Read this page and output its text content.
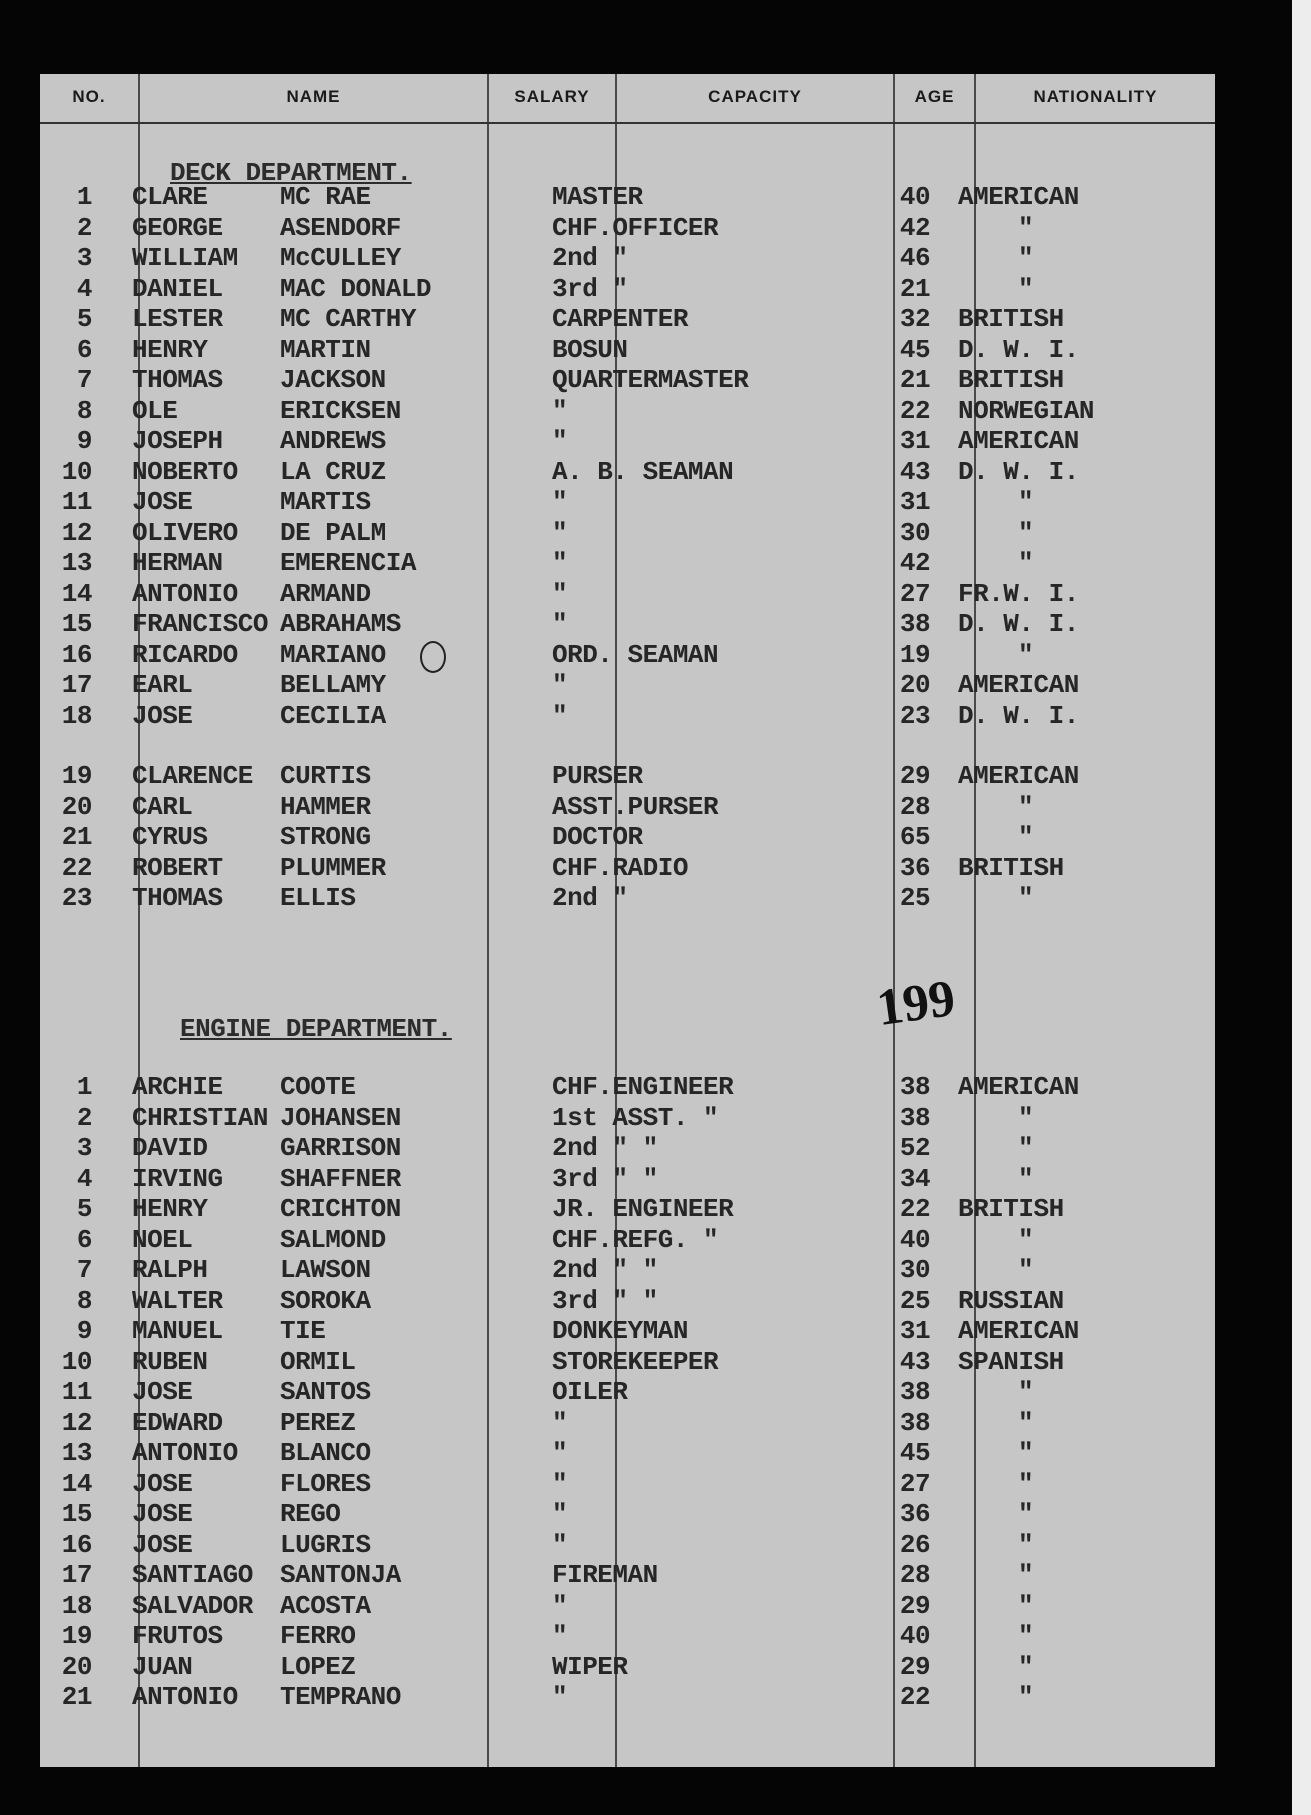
NO.	NAME	SALARY	CAPACITY	AGE	NATIONALITY
DECK DEPARTMENT.
ENGINE DEPARTMENT.	199
1 CLARE	MC RAE	MASTER	40	AMERICAN
2 GEORGE ASENDORF	CHF.OFFICER	42	"
3 WILLIAM McCULLEY	2nd "	46	"
4 DANIEL MAC DONALD	3rd "	21	"
5 LESTER MC CARTHY	CARPENTER	32	BRITISH
6 HENRY	MARTIN	BOSUN	45	D. W. I.
7 THOMAS JACKSON	QUARTERMASTER	21	BRITISH
8 OLE	ERICKSEN	"	22	NORWEGIAN
9 JOSEPH ANDREWS	"	31	AMERICAN
10 NOBERTO LA CRUZ	A. B. SEAMAN	43	D. W. I.
11 JOSE	MARTIS	"	31	"
12 OLIVERO DE PALM	"	30	"
13 HERMAN EMERENCIA	"	42	"
14 ANTONIO ARMAND	"	27	FR.W. I.
15 FRANCISCO ABRAHAMS	"	38	D. W. I.
16 RICARDO MARIANO	ORD. SEAMAN	19	"
17 EARL	BELLAMY	"	20	AMERICAN
18 JOSE	CECILIA	"	23	D. W. I.
19 CLARENCE CURTIS	PURSER	29	AMERICAN
20 CARL	HAMMER	ASST.PURSER	28	"
21 CYRUS	STRONG	DOCTOR	65	"
22 ROBERT PLUMMER	CHF.RADIO	36	BRITISH
23 THOMAS ELLIS	2nd "	25	"
1 ARCHIE COOTE	CHF.ENGINEER	38	AMERICAN
2 CHRISTIAN JOHANSEN	1st ASST. "	38	"
3 DAVID	GARRISON	2nd " "	52	"
4 IRVING SHAFFNER	3rd " "	34	"
5 HENRY	CRICHTON	JR. ENGINEER	22	BRITISH
6 NOEL	SALMOND	CHF.REFG. "	40	"
7 RALPH	LAWSON	2nd " "	30	"
8 WALTER SOROKA	3rd " "	25	RUSSIAN
9 MANUEL TIE	DONKEYMAN	31	AMERICAN
10 RUBEN	ORMIL	STOREKEEPER	43	SPANISH
11 JOSE	SANTOS	OILER	38	"
12 EDWARD PEREZ	"	38	"
13 ANTONIO BLANCO	"	45	"
14 JOSE	FLORES	"	27	"
15 JOSE	REGO	"	36	"
16 JOSE	LUGRIS	"	26	"
17 SANTIAGO SANTONJA	FIREMAN	28	"
18 SALVADOR ACOSTA	"	29	"
19 FRUTOS FERRO	"	40	"
20 JUAN	LOPEZ	WIPER	29	"
21 ANTONIO TEMPRANO	"	22	"
